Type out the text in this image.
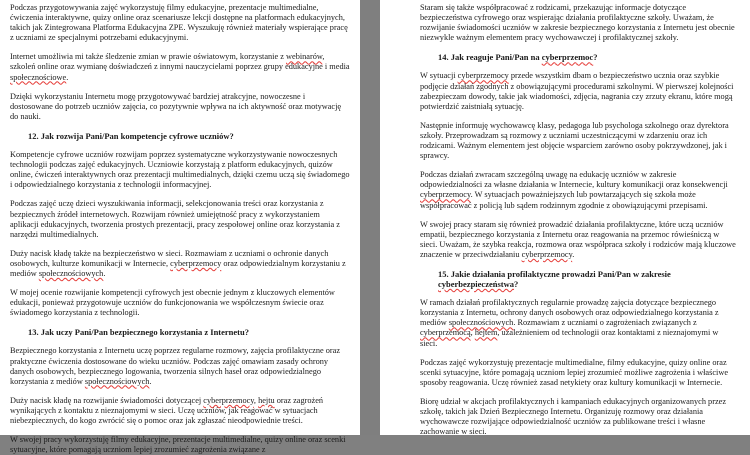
Podczas przygotowywania zajęć wykorzystuję filmy edukacyjne, prezentacje multimedialne, ćwiczenia interaktywne, quizy online oraz scenariusze lekcji dostępne na platformach edukacyjnych, takich jak Zintegrowana Platforma Edukacyjna ZPE. Wyszukuję również materiały wspierające pracę z uczniami ze specjalnymi potrzebami edukacyjnymi.

Internet umożliwia mi także śledzenie zmian w prawie oświatowym, korzystanie z webinarów, szkoleń online oraz wymianę doświadczeń z innymi nauczycielami poprzez grupy edukacyjne i media społecznościowe.

Dzięki wykorzystaniu Internetu mogę przygotowywać bardziej atrakcyjne, nowoczesne i dostosowane do potrzeb uczniów zajęcia, co pozytywnie wpływa na ich aktywność oraz motywację do nauki.

12. Jak rozwija Pani/Pan kompetencje cyfrowe uczniów?

Kompetencje cyfrowe uczniów rozwijam poprzez systematyczne wykorzystywanie nowoczesnych technologii podczas zajęć edukacyjnych. Uczniowie korzystają z platform edukacyjnych, quizów online, ćwiczeń interaktywnych oraz prezentacji multimedialnych, dzięki czemu uczą się świadomego i odpowiedzialnego korzystania z technologii informacyjnej.

Podczas zajęć uczę dzieci wyszukiwania informacji, selekcjonowania treści oraz korzystania z bezpiecznych źródeł internetowych. Rozwijam również umiejętność pracy z wykorzystaniem aplikacji edukacyjnych, tworzenia prostych prezentacji, pracy zespołowej online oraz korzystania z narzędzi multimedialnych.

Duży nacisk kładę także na bezpieczeństwo w sieci. Rozmawiam z uczniami o ochronie danych osobowych, kulturze komunikacji w Internecie, cyberprzemocy oraz odpowiedzialnym korzystaniu z mediów społecznościowych.

W mojej ocenie rozwijanie kompetencji cyfrowych jest obecnie jednym z kluczowych elementów edukacji, ponieważ przygotowuje uczniów do funkcjonowania we współczesnym świecie oraz świadomego korzystania z technologii.

13. Jak uczy Pani/Pan bezpiecznego korzystania z Internetu?

Bezpiecznego korzystania z Internetu uczę poprzez regularne rozmowy, zajęcia profilaktyczne oraz praktyczne ćwiczenia dostosowane do wieku uczniów. Podczas zajęć omawiam zasady ochrony danych osobowych, bezpiecznego logowania, tworzenia silnych haseł oraz odpowiedzialnego korzystania z mediów społecznościowych.

Duży nacisk kładę na rozwijanie świadomości dotyczącej cyberprzemocy, hejtu oraz zagrożeń wynikających z kontaktu z nieznajomymi w sieci. Uczę uczniów, jak reagować w sytuacjach niebezpiecznych, do kogo zwrócić się o pomoc oraz jak zgłaszać nieodpowiednie treści.

W swojej pracy wykorzystuję filmy edukacyjne, prezentacje multimedialne, quizy online oraz scenki sytuacyjne, które pomagają uczniom lepiej zrozumieć zagrożenia związane z

Staram się także współpracować z rodzicami, przekazując informacje dotyczące bezpieczeństwa cyfrowego oraz wspierając działania profilaktyczne szkoły. Uważam, że rozwijanie świadomości uczniów w zakresie bezpiecznego korzystania z Internetu jest obecnie niezwykle ważnym elementem pracy wychowawczej i profilaktycznej szkoły.

14. Jak reaguje Pani/Pan na cyberprzemoc?

W sytuacji cyberprzemocy przede wszystkim dbam o bezpieczeństwo ucznia oraz szybkie podjęcie działań zgodnych z obowiązującymi procedurami szkolnymi. W pierwszej kolejności zabezpieczam dowody, takie jak wiadomości, zdjęcia, nagrania czy zrzuty ekranu, które mogą potwierdzić zaistniałą sytuację.

Następnie informuję wychowawcę klasy, pedagoga lub psychologa szkolnego oraz dyrektora szkoły. Przeprowadzam są rozmowy z uczniami uczestniczącymi w zdarzeniu oraz ich rodzicami. Ważnym elementem jest objęcie wsparciem zarówno osoby pokrzywdzonej, jak i sprawcy.

Podczas działań zwracam szczególną uwagę na edukację uczniów w zakresie odpowiedzialności za własne działania w Internecie, kultury komunikacji oraz konsekwencji cyberprzemocy. W sytuacjach poważniejszych lub powtarzających się szkoła może współpracować z policją lub sądem rodzinnym zgodnie z obowiązującymi przepisami.

W swojej pracy staram się również prowadzić działania profilaktyczne, które uczą uczniów empatii, bezpiecznego korzystania z Internetu oraz reagowania na przemoc rówieśniczą w sieci. Uważam, że szybka reakcja, rozmowa oraz współpraca szkoły i rodziców mają kluczowe znaczenie w przeciwdziałaniu cyberprzemocy.

15. Jakie działania profilaktyczne prowadzi Pani/Pan w zakresie cyberbezpieczeństwa?

W ramach działań profilaktycznych regularnie prowadzę zajęcia dotyczące bezpiecznego korzystania z Internetu, ochrony danych osobowych oraz odpowiedzialnego korzystania z mediów społecznościowych. Rozmawiam z uczniami o zagrożeniach związanych z cyberprzemocą, hejtem, uzależnieniem od technologii oraz kontaktami z nieznajomymi w sieci.

Podczas zajęć wykorzystuję prezentacje multimedialne, filmy edukacyjne, quizy online oraz scenki sytuacyjne, które pomagają uczniom lepiej zrozumieć możliwe zagrożenia i właściwe sposoby reagowania. Uczę również zasad netykiety oraz kultury komunikacji w Internecie.

Biorę udział w akcjach profilaktycznych i kampaniach edukacyjnych organizowanych przez szkołę, takich jak Dzień Bezpiecznego Internetu. Organizuję rozmowy oraz działania wychowawcze rozwijające odpowiedzialność uczniów za publikowane treści i własne zachowanie w sieci.
